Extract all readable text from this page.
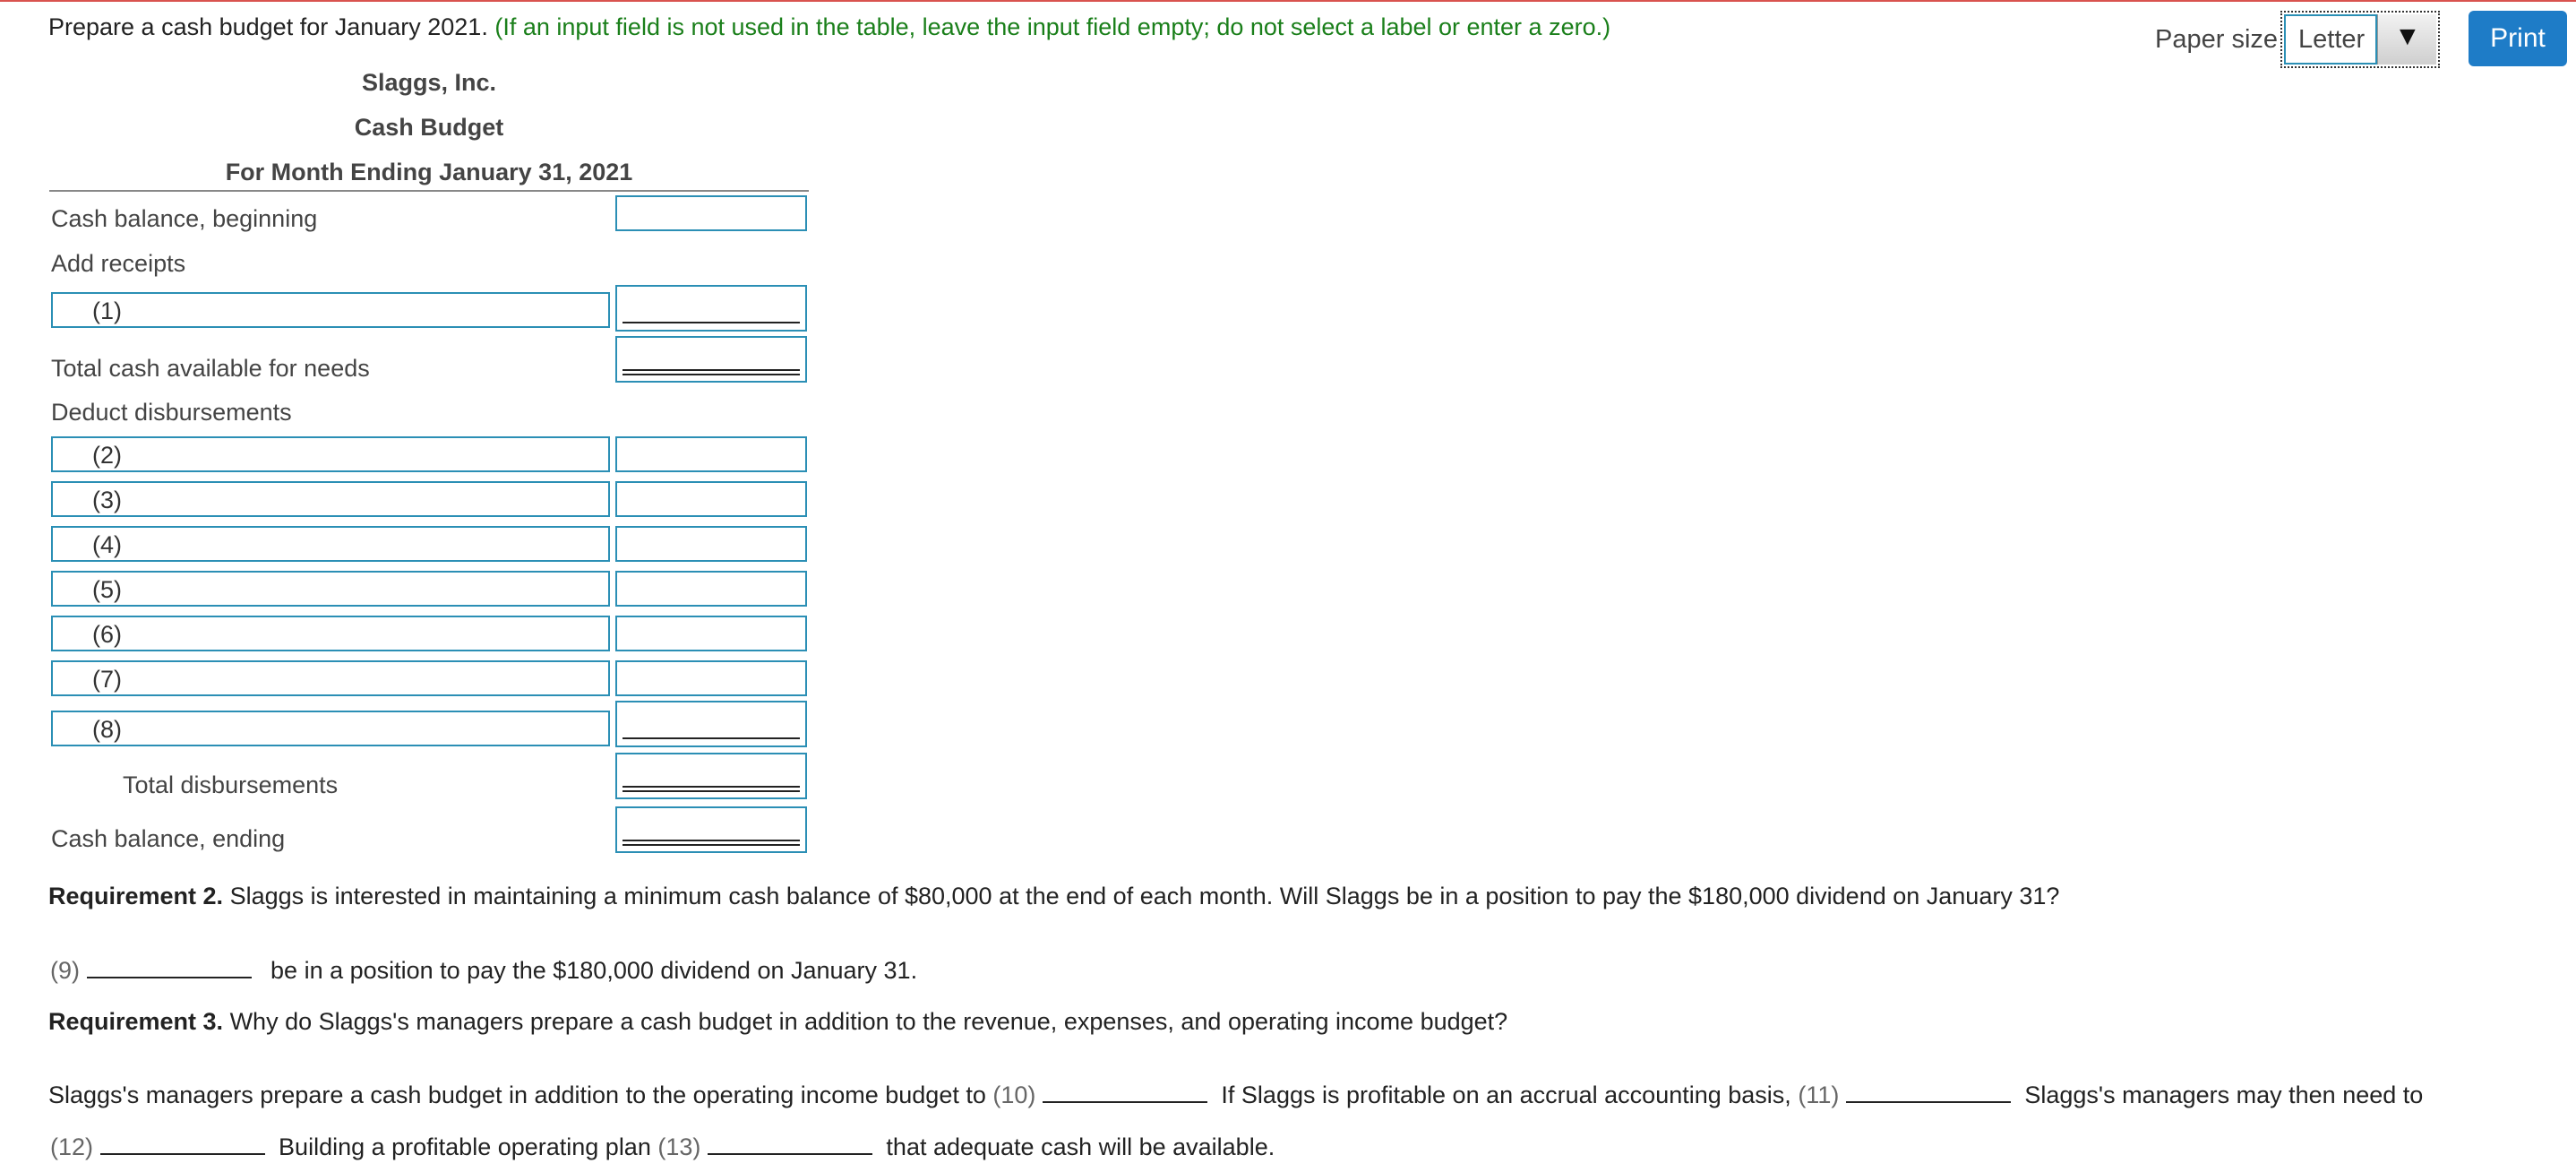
Prepare a cash budget for January 2021. (If an input field is not used in the table, leave the input field empty; do not select a label or enter a zero.)	Paper size Letter ▼	Print
Slaggs, Inc.
Cash Budget
For Month Ending January 31, 2021
Cash balance, beginning
Add receipts
(1)
Total cash available for needs
Deduct disbursements
(2)
(3)
(4)
(5)
(6)
(7)
(8)
Total disbursements
Cash balance, ending
Requirement 2. Slaggs is interested in maintaining a minimum cash balance of $80,000 at the end of each month. Will Slaggs be in a position to pay the $180,000 dividend on January 31?
(9)	be in a position to pay the $180,000 dividend on January 31.
Requirement 3. Why do Slaggs's managers prepare a cash budget in addition to the revenue, expenses, and operating income budget?
Slaggs's managers prepare a cash budget in addition to the operating income budget to (10)	If Slaggs is profitable on an accrual accounting basis, (11)	Slaggs's managers may then need to
(12)	Building a profitable operating plan (13)	that adequate cash will be available.
